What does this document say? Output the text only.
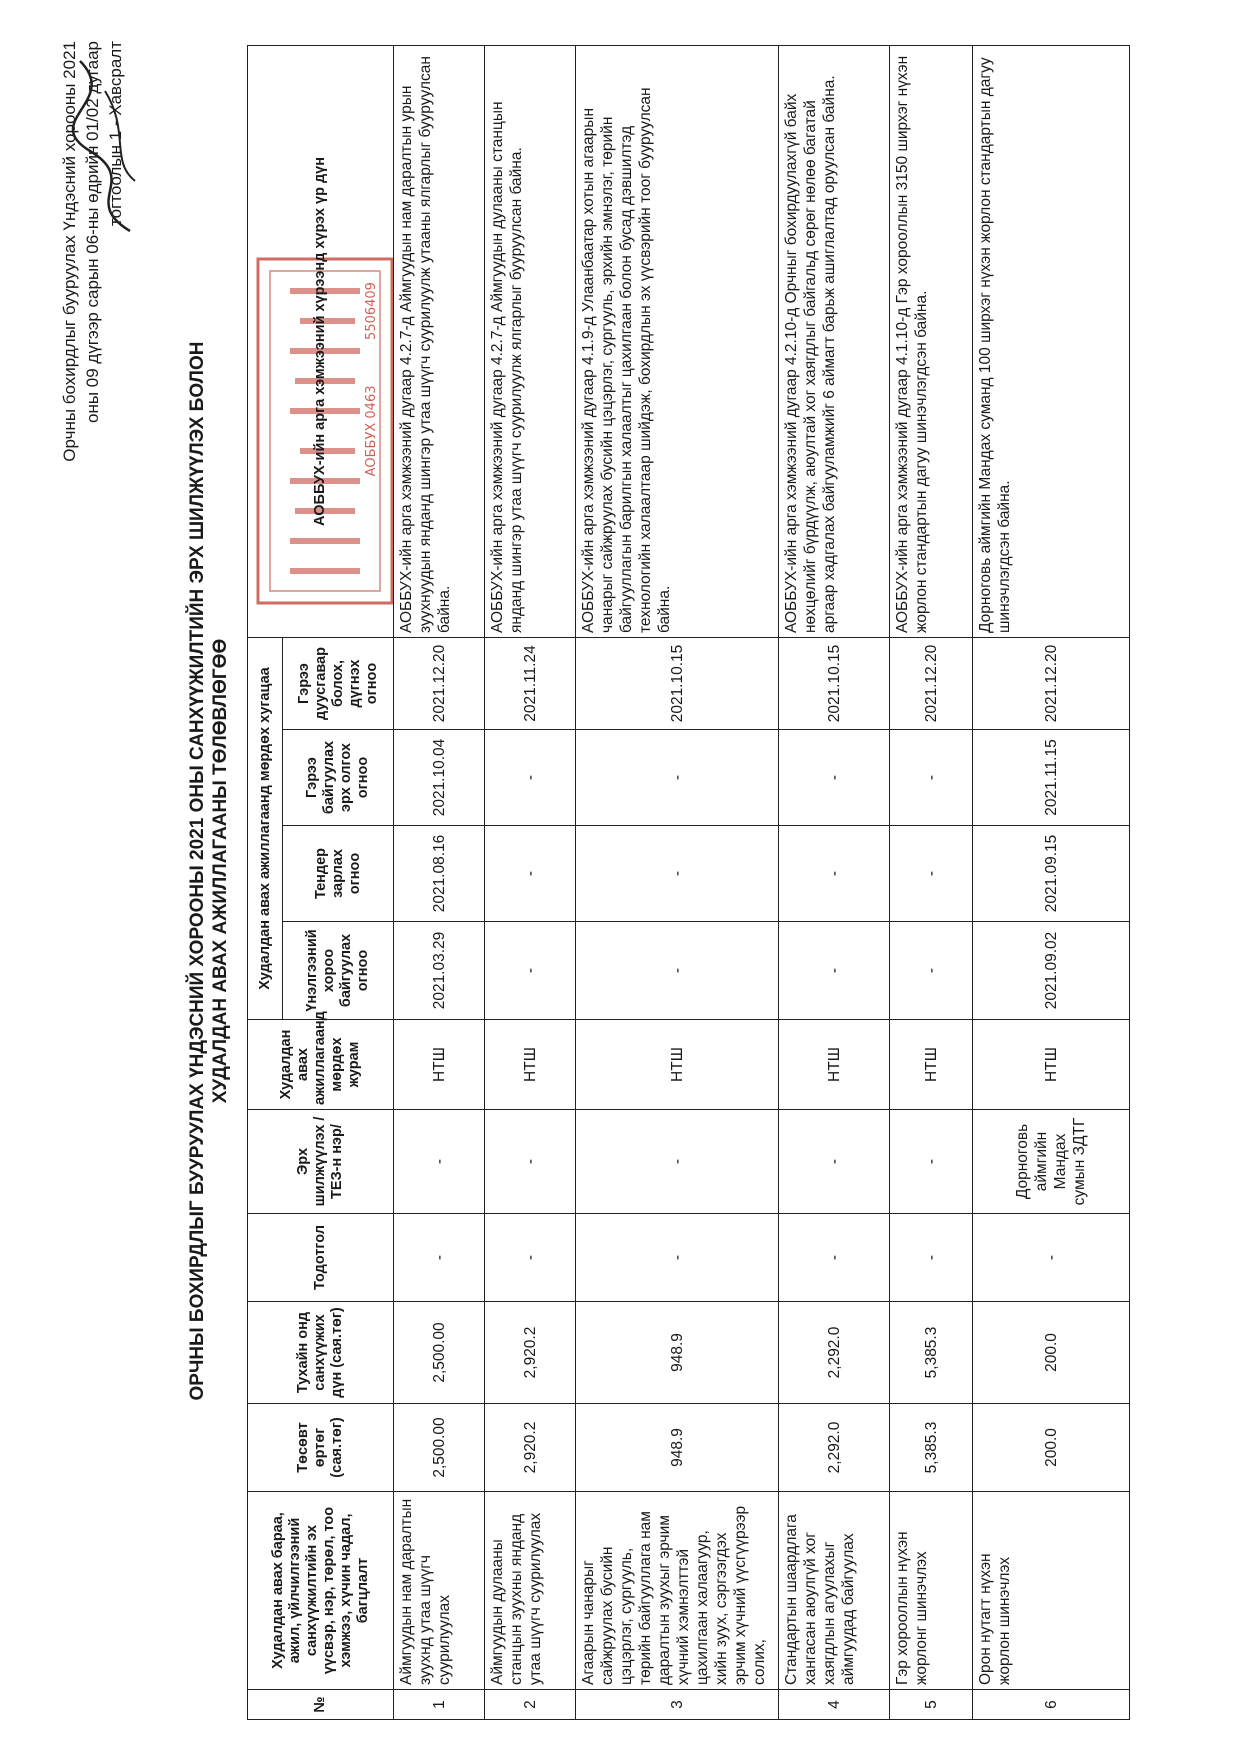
Орчны бохирдлыг бууруулах Үндэсний хорооны 2021 оны 09 дүгээр сарын 06-ны өдрийн 01/02 дугаар тогтоолын 1 - Хавсралт
ОРЧНЫ БОХИРДЛЫГ БУУРУУЛАХ ҮНДЭСНИЙ ХОРООНЫ 2021 ОНЫ САНХҮҮЖИЛТИЙН ЭРХ ШИЛЖҮҮЛЭХ БОЛОН ХУДАЛДАН АВАХ АЖИЛЛАГААНЫ ТӨЛӨВЛӨГӨӨ
АОББУХ 0463
5506409
№	Худалдан авах бараа, ажил, үйлчилгээний санхүүжилтийн эх үүсвэр, нэр, төрөл, тоо хэмжээ, хүчин чадал, багцлалт	Төсөвт өртөг (сая.төг)	Тухайн онд санхүүжих дүн (сая.төг)	Тодотгол	Эрх шилжүүлэх / ТЕЗ-н нэр/	Худалдан авах ажиллагаанд мөрдөх журам	Худалдан авах ажиллагаанд мөрдөх хугацаа				АОББУХ-ийн арга хэмжээний хүрээнд хүрэх үр дүн
							Үнэлгээний хороо байгуулах огноо	Тендер зарлах огноо	Гэрээ байгуулах эрх олгох огноо	Гэрээ дуусгавар болох, дүгнэх огноо	
1	Аймгуудын нам даралтын зуухнд утаа шүүгч суурилуулах	2,500.00	2,500.00	-	-	НТШ	2021.03.29	2021.08.16	2021.10.04	2021.12.20	АОББУХ-ийн арга хэмжээний дугаар 4.2.7-д Аймгуудын нам даралтын урын зуухнуудын янданд шингэр утаа шүүгч суурилуулж утааны ялгарлыг бууруулсан байна.
2	Аймгуудын дулааны станцын зуухны янданд утаа шүүгч суурилуулах	2,920.2	2,920.2	-	-	НТШ	-	-	-	2021.11.24	АОББУХ-ийн арга хэмжээний дугаар 4.2.7-д Аймгуудын дулааны станцын янданд шингэр утаа шүүгч суурилуулж ялгарлыг бууруулсан байна.
3	Агаарын чанарыг сайжруулах бусийн цэцэрлэг, сургууль, төрийн байгууллага нам даралтын зуухыг эрчим хүчний хэмнэлттэй цахилгаан халаагуур, хийн зуух, сэргээгдэх эрчим хүчний үүсгүүрээр солих,	948.9	948.9	-	-	НТШ	-	-	-	2021.10.15	АОББУХ-ийн арга хэмжээний дугаар 4.1.9-д Улаанбаатар хотын агаарын чанарыг сайжруулах бусийн цэцэрлэг, сургууль, эрхийн эмнэлэг, төрийн байгууллагын барилгын халаалтыг цахилгаан болон бусад дэвшилтэд технологийн халаалтаар шийдэж, бохирдлын эх үүсвэрийн тоог бууруулсан байна.
4	Стандартын шаардлага хангасан аюулгүй хог хаягдлын агуулахыг аймгуудад байгуулах	2,292.0	2,292.0	-	-	НТШ	-	-	-	2021.10.15	АОББУХ-ийн арга хэмжээний дугаар 4.2.10-д Орчныг бохирдуулахгүй байх нөхцөлийг бүрдүүлж, аюултай хог хаягдлыг байгальд сөрөг нөлөө багатай аргаар хадгалах байгууламжийг 6 аймагт барьж ашиглалтад оруулсан байна.
5	Гэр хорооллын нүхэн жорлонг шинэчлэх	5,385.3	5,385.3	-	-	НТШ	-	-	-	2021.12.20	АОББУХ-ийн арга хэмжээний дугаар 4.1.10-д Гэр хорооллын 3150 ширхэг нүхэн жорлон стандартын дагуу шинэчлэгдсэн байна.
6	Орон нутагт нүхэн жорлон шинэчлэх	200.0	200.0	-	Дорноговь аймгийн Мандах сумын ЗДТГ	НТШ	2021.09.02	2021.09.15	2021.11.15	2021.12.20	Дорноговь аймгийн Мандах суманд 100 ширхэг нүхэн жорлон стандартын дагуу шинэчлэгдсэн байна.
